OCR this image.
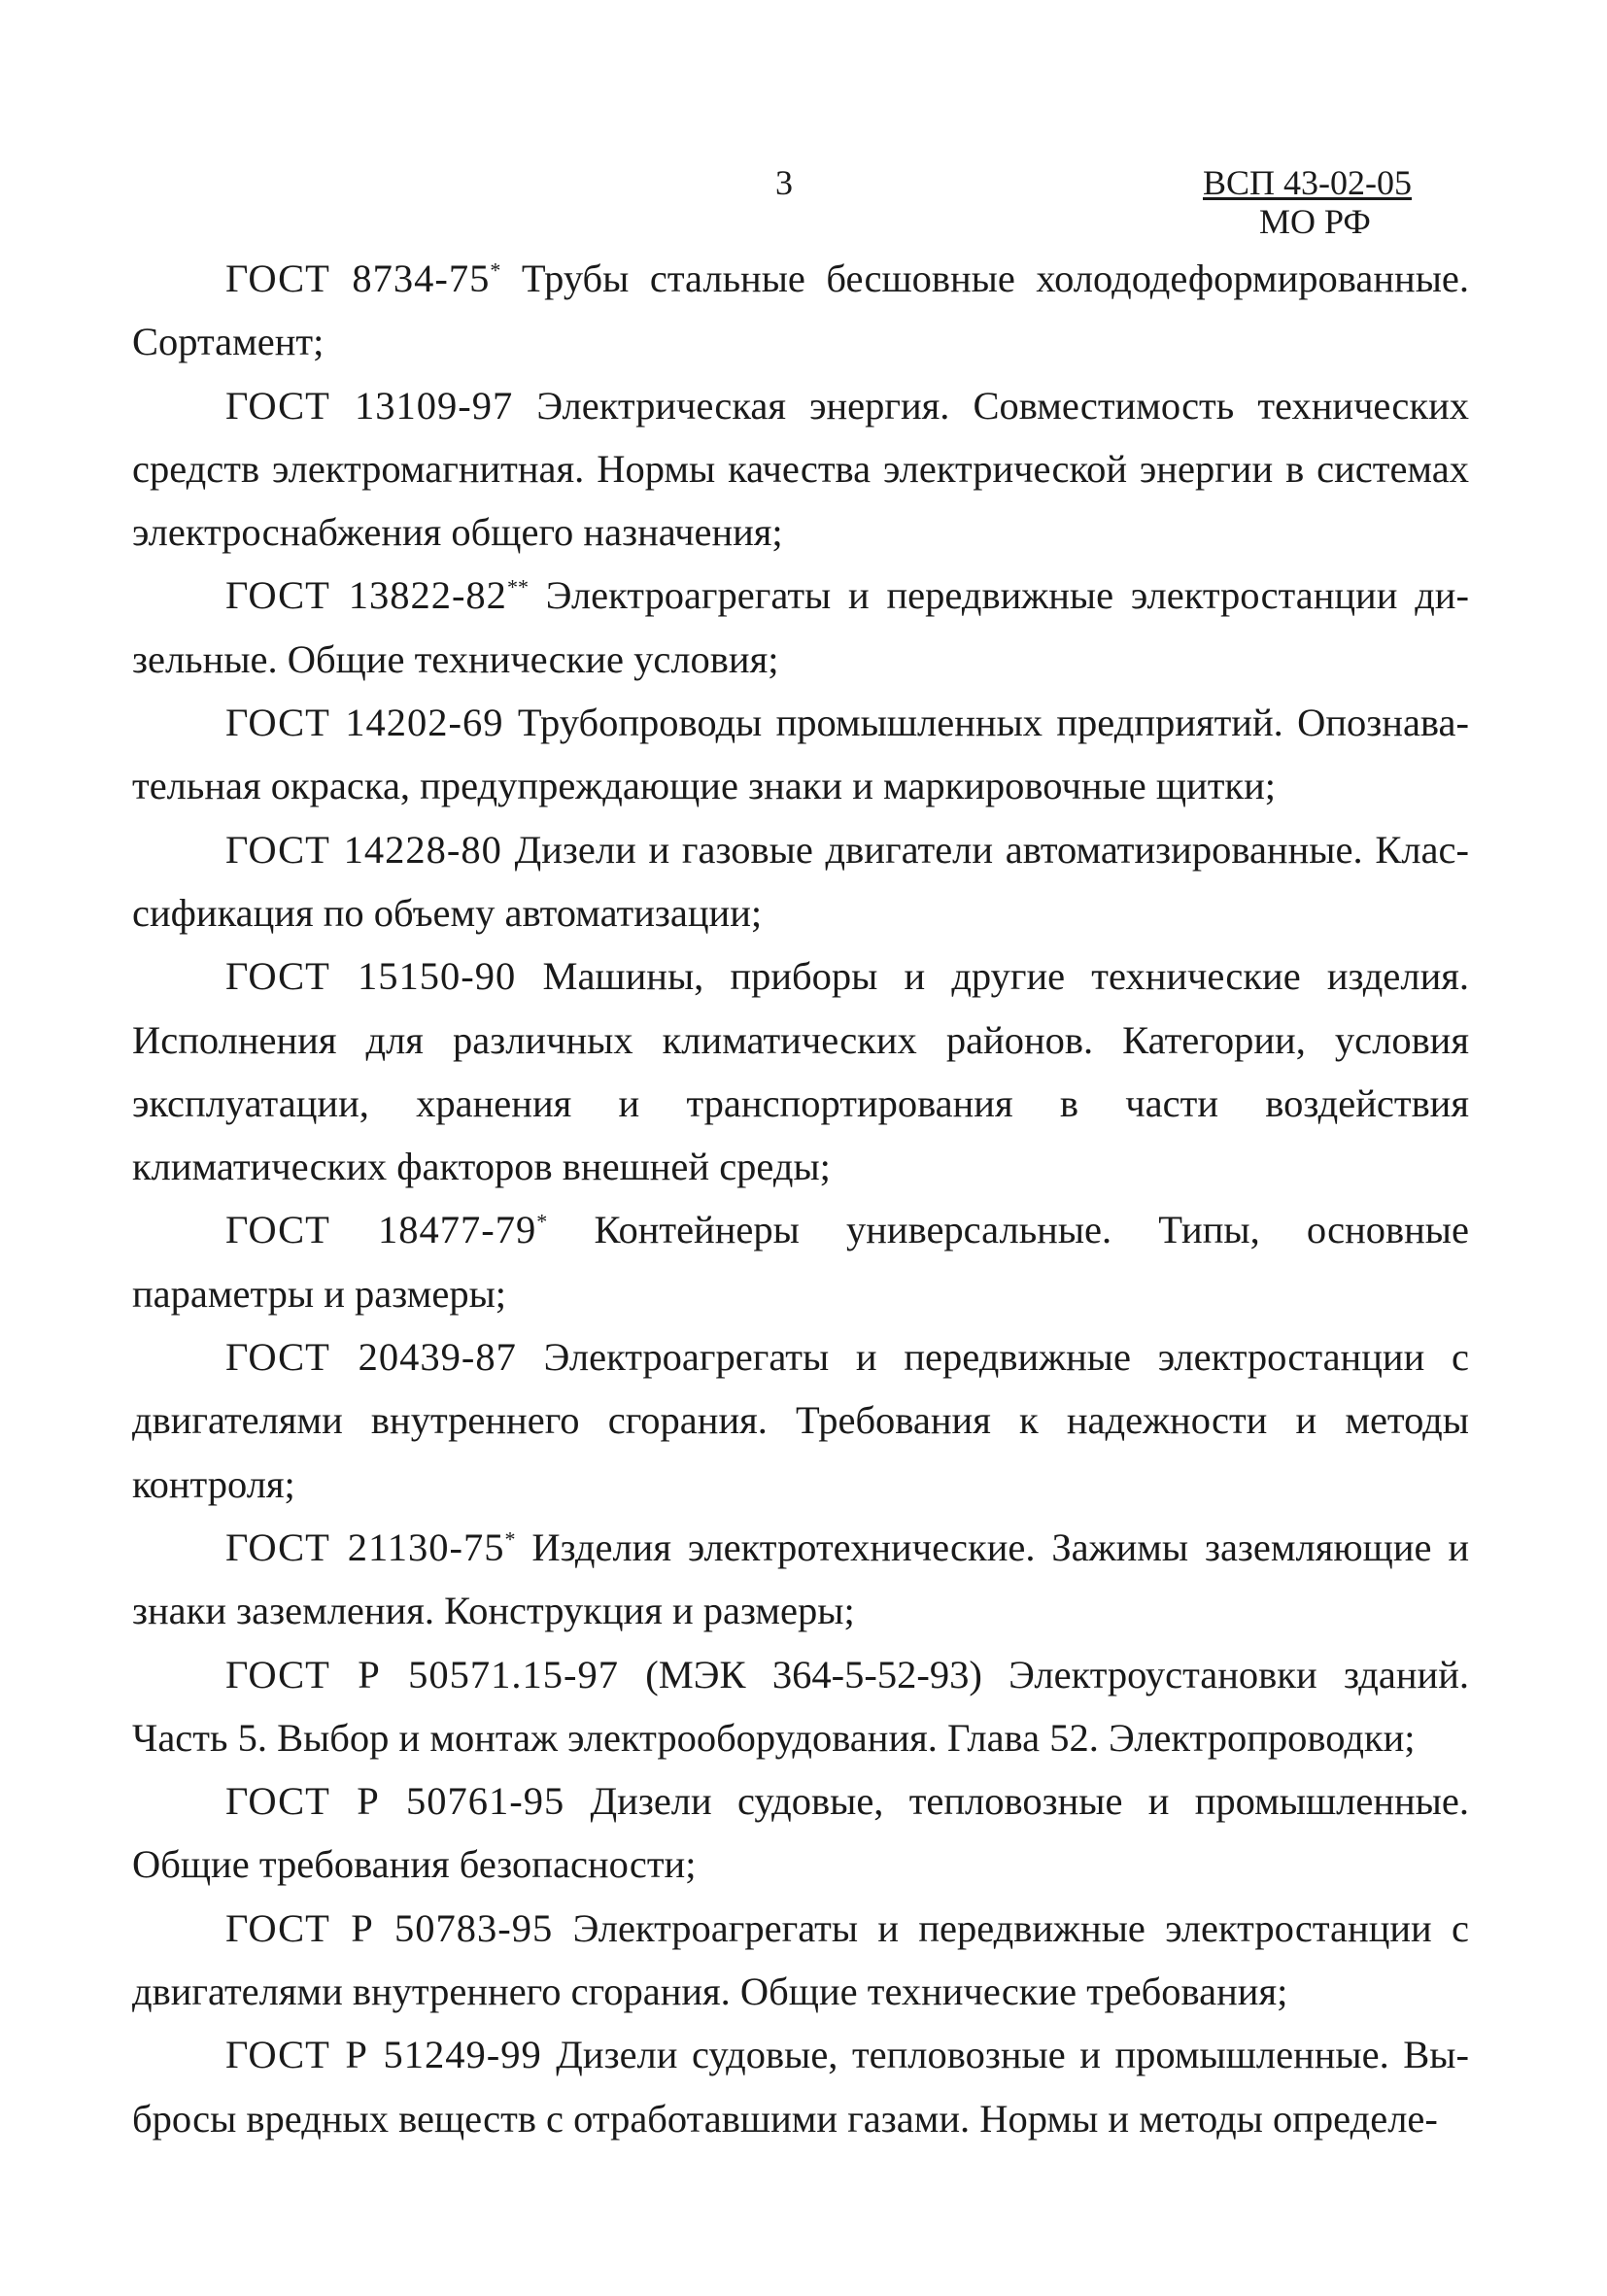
3	ВСП 43-02-05
МО РФ

ГОСТ 8734-75* Трубы стальные бесшовные холододеформированные. Сортамент;

ГОСТ 13109-97 Электрическая энергия. Совместимость технических средств электромагнитная. Нормы качества электрической энергии в системах электроснабжения общего назначения;

ГОСТ 13822-82** Электроагрегаты и передвижные электростанции дизельные. Общие технические условия;

ГОСТ 14202-69 Трубопроводы промышленных предприятий. Опознавательная окраска, предупреждающие знаки и маркировочные щитки;

ГОСТ 14228-80 Дизели и газовые двигатели автоматизированные. Классификация по объему автоматизации;

ГОСТ 15150-90 Машины, приборы и другие технические изделия. Исполнения для различных климатических районов. Категории, условия эксплуатации, хранения и транспортирования в части воздействия климатических факторов внешней среды;

ГОСТ 18477-79* Контейнеры универсальные. Типы, основные параметры и размеры;

ГОСТ 20439-87 Электроагрегаты и передвижные электростанции с двигателями внутреннего сгорания. Требования к надежности и методы контроля;

ГОСТ 21130-75* Изделия электротехнические. Зажимы заземляющие и знаки заземления. Конструкция и размеры;

ГОСТ Р 50571.15-97 (МЭК 364-5-52-93) Электроустановки зданий. Часть 5. Выбор и монтаж электрооборудования. Глава 52. Электропроводки;

ГОСТ Р 50761-95 Дизели судовые, тепловозные и промышленные. Общие требования безопасности;

ГОСТ Р 50783-95 Электроагрегаты и передвижные электростанции с двигателями внутреннего сгорания. Общие технические требования;

ГОСТ Р 51249-99 Дизели судовые, тепловозные и промышленные. Выбросы вредных веществ с отработавшими газами. Нормы и методы определе-
